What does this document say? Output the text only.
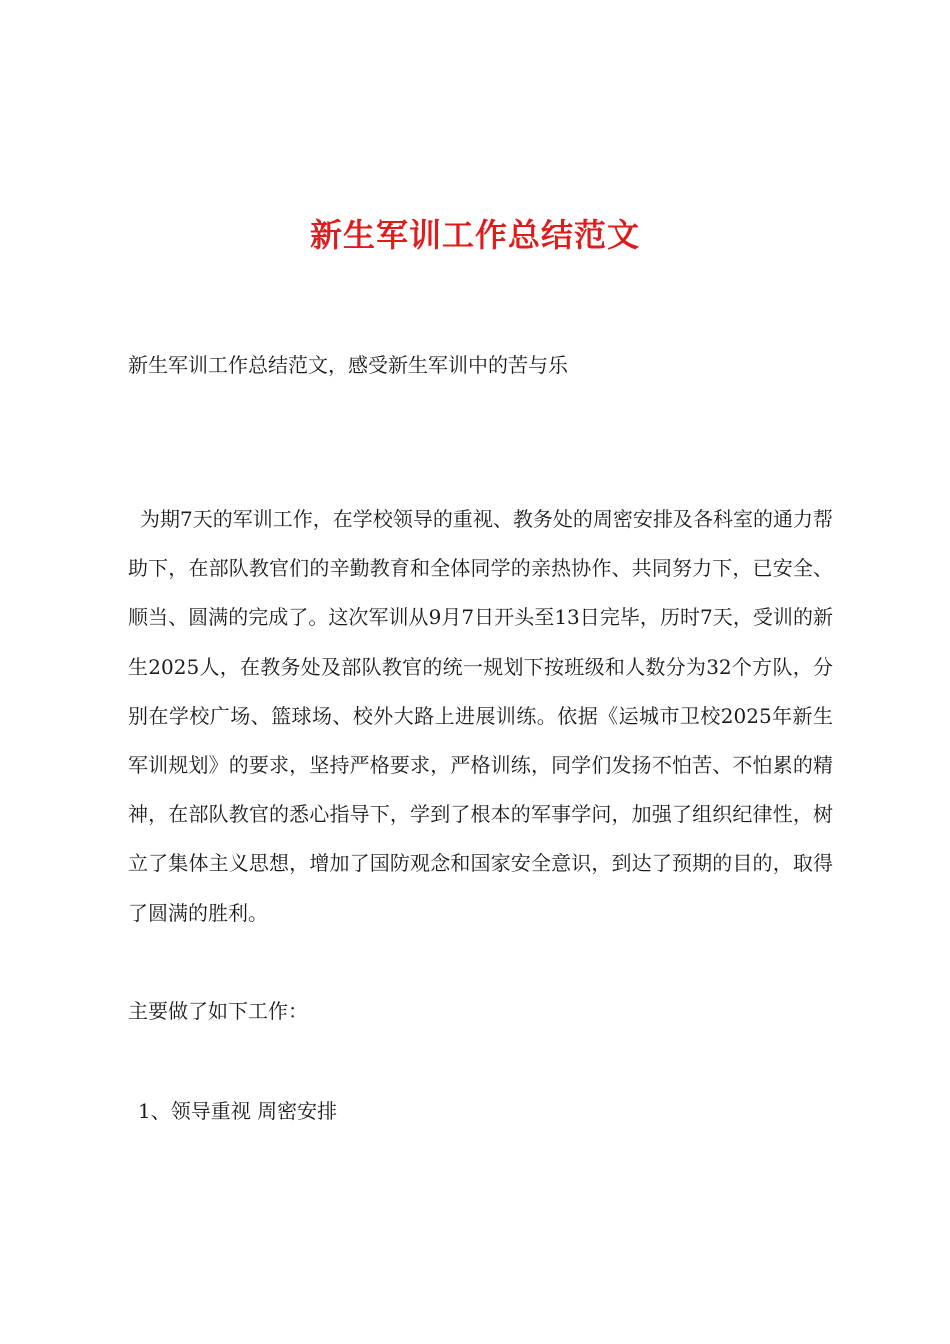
新生军训工作总结范文

新生军训工作总结范文，感受新生军训中的苦与乐

为期7天的军训工作，在学校领导的重视、教务处的周密安排及各科室的通力帮助下，在部队教官们的辛勤教育和全体同学的亲热协作、共同努力下，已安全、顺当、圆满的完成了。这次军训从9月7日开头至13日完毕，历时7天，受训的新生2025人，在教务处及部队教官的统一规划下按班级和人数分为32个方队，分别在学校广场、篮球场、校外大路上进展训练。依据《运城市卫校2025年新生军训规划》的要求，坚持严格要求，严格训练，同学们发扬不怕苦、不怕累的精神，在部队教官的悉心指导下，学到了根本的军事学问，加强了组织纪律性，树立了集体主义思想，增加了国防观念和国家安全意识，到达了预期的目的，取得了圆满的胜利。

主要做了如下工作：

1、领导重视 周密安排
